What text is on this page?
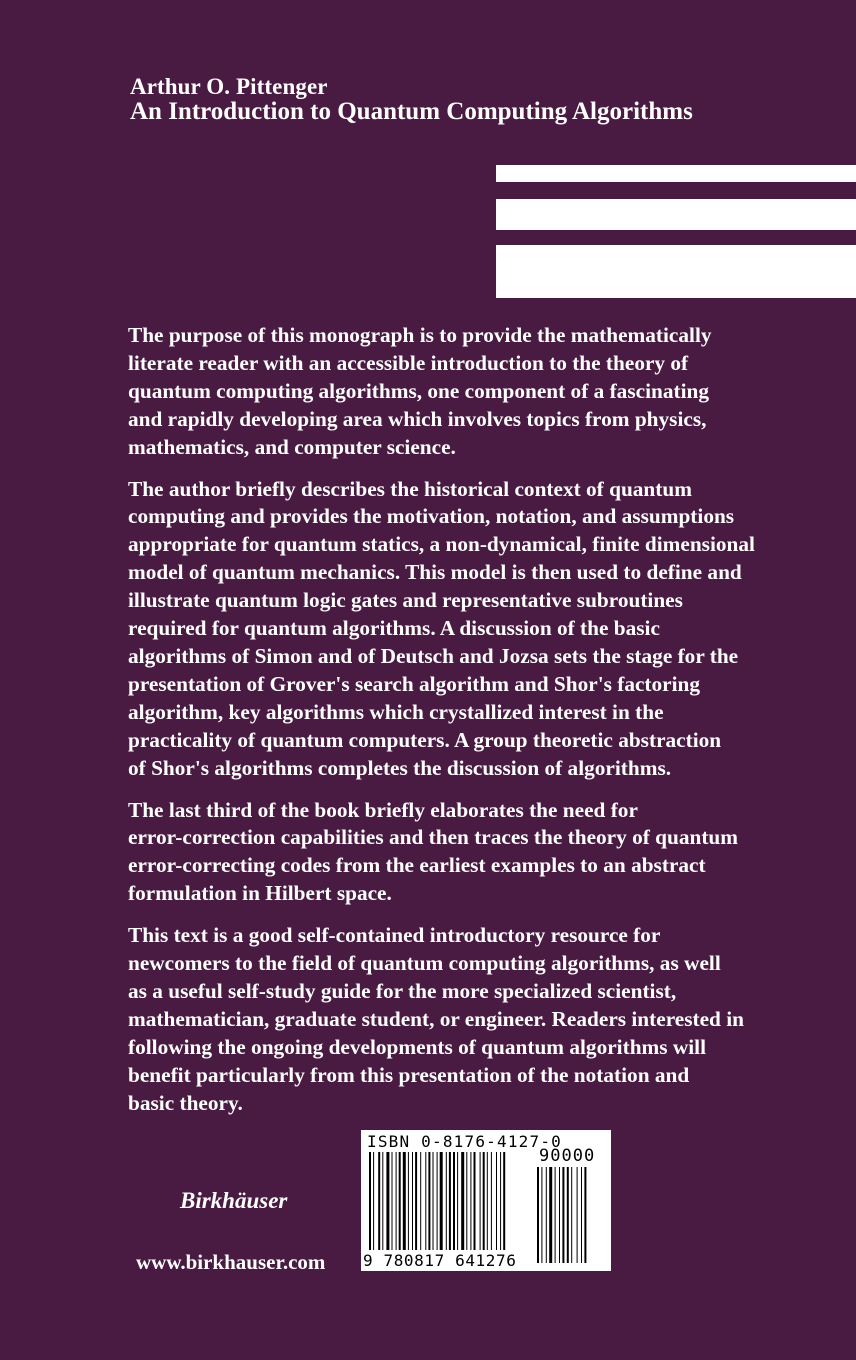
Arthur O. Pittenger
An Introduction to Quantum Computing Algorithms
The purpose of this monograph is to provide the mathematically
literate reader with an accessible introduction to the theory of
quantum computing algorithms, one component of a fascinating
and rapidly developing area which involves topics from physics,
mathematics, and computer science.
The author briefly describes the historical context of quantum
computing and provides the motivation, notation, and assumptions
appropriate for quantum statics, a non-dynamical, finite dimensional
model of quantum mechanics. This model is then used to define and
illustrate quantum logic gates and representative subroutines
required for quantum algorithms. A discussion of the basic
algorithms of Simon and of Deutsch and Jozsa sets the stage for the
presentation of Grover's search algorithm and Shor's factoring
algorithm, key algorithms which crystallized interest in the
practicality of quantum computers. A group theoretic abstraction
of Shor's algorithms completes the discussion of algorithms.
The last third of the book briefly elaborates the need for
error-correction capabilities and then traces the theory of quantum
error-correcting codes from the earliest examples to an abstract
formulation in Hilbert space.
This text is a good self-contained introductory resource for
newcomers to the field of quantum computing algorithms, as well
as a useful self-study guide for the more specialized scientist,
mathematician, graduate student, or engineer. Readers interested in
following the ongoing developments of quantum algorithms will
benefit particularly from this presentation of the notation and
basic theory.
Birkhäuser
www.birkhauser.com
ISBN 0-8176-4127-0
90000
9 780817 641276
